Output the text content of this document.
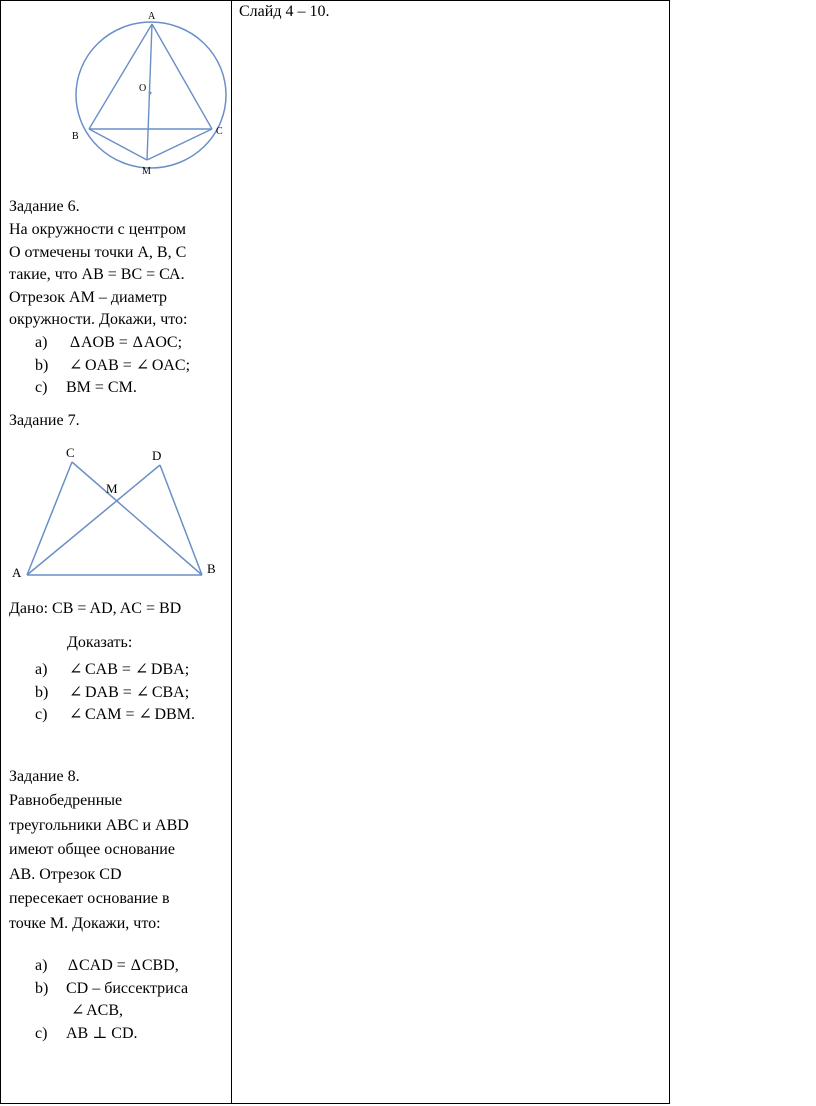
Слайд 4 – 10.
A
O
B	C
M
Задание 6.
На окружности с центром
О отмечены точки А, В, С
такие, что АВ = ВС = СА.
Отрезок АМ – диаметр
окружности. Докажи, что:
a) ∆AOB = ∆AOC;
b) ∠ OAB = ∠ OAC;
c) BM = CM.
Задание 7.
C	D
M
A	B
Дано: CB = AD, AC = BD
Доказать:
a) ∠ CAB = ∠ DBA;
b) ∠ DAB = ∠ CBA;
c) ∠ CAM = ∠ DBM.
Задание 8.
Равнобедренные
треугольники ABC и ABD
имеют общее основание
AB. Отрезок CD
пересекает основание в
точке М. Докажи, что:
a) ∆CAD = ∆CBD,
b) CD – биссектриса
∠ ACB,
c) AB ⊥ CD.
